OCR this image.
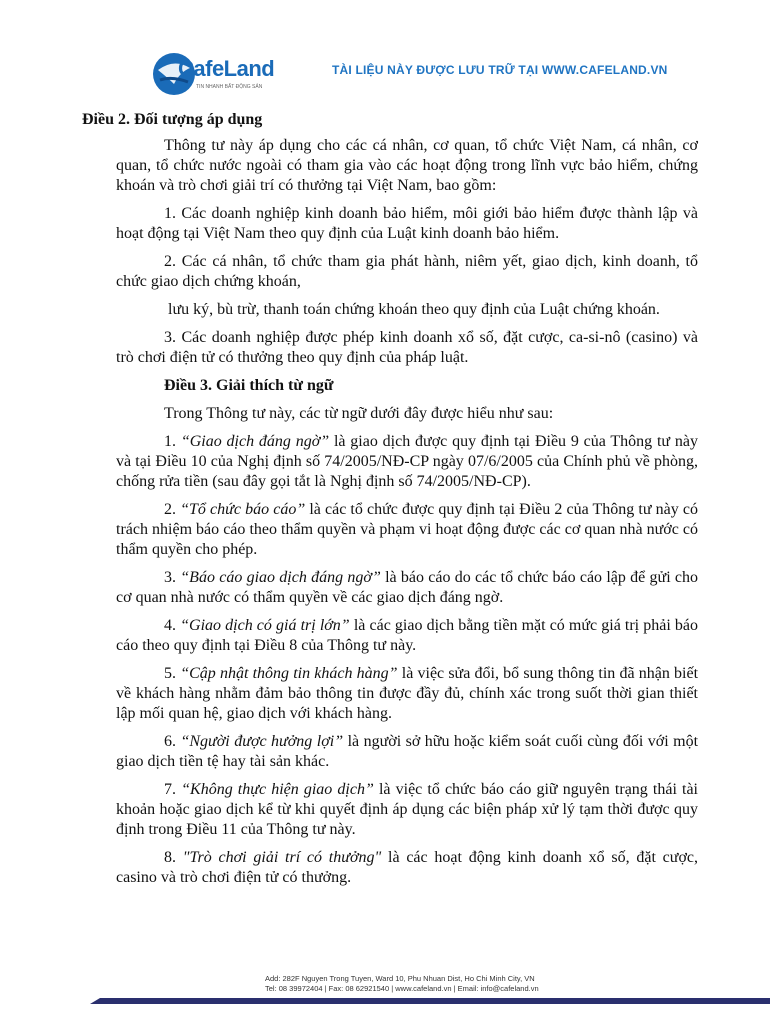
CafeLand
TIN NHANH BẤT ĐỘNG SẢN
TÀI LIỆU NÀY ĐƯỢC LƯU TRỮ TẠI WWW.CAFELAND.VN

Điều 2. Đối tượng áp dụng

Thông tư này áp dụng cho các cá nhân, cơ quan, tổ chức Việt Nam, cá nhân, cơ quan, tổ chức nước ngoài có tham gia vào các hoạt động trong lĩnh vực bảo hiểm, chứng khoán và trò chơi giải trí có thưởng tại Việt Nam, bao gồm:

1. Các doanh nghiệp kinh doanh bảo hiểm, môi giới bảo hiểm được thành lập và hoạt động tại Việt Nam theo quy định của Luật kinh doanh bảo hiểm.

2. Các cá nhân, tổ chức tham gia phát hành, niêm yết, giao dịch, kinh doanh, tổ chức giao dịch chứng khoán,

lưu ký, bù trừ, thanh toán chứng khoán theo quy định của Luật chứng khoán.

3. Các doanh nghiệp được phép kinh doanh xổ số, đặt cược, ca-si-nô (casino) và trò chơi điện tử có thưởng theo quy định của pháp luật.

Điều 3. Giải thích từ ngữ

Trong Thông tư này, các từ ngữ dưới đây được hiểu như sau:

1. “Giao dịch đáng ngờ” là giao dịch được quy định tại Điều 9 của Thông tư này và tại Điều 10 của Nghị định số 74/2005/NĐ-CP ngày 07/6/2005 của Chính phủ về phòng, chống rửa tiền (sau đây gọi tắt là Nghị định số 74/2005/NĐ-CP).

2. “Tổ chức báo cáo” là các tổ chức được quy định tại Điều 2 của Thông tư này có trách nhiệm báo cáo theo thẩm quyền và phạm vi hoạt động được các cơ quan nhà nước có thẩm quyền cho phép.

3. “Báo cáo giao dịch đáng ngờ” là báo cáo do các tổ chức báo cáo lập để gửi cho cơ quan nhà nước có thẩm quyền về các giao dịch đáng ngờ.

4. “Giao dịch có giá trị lớn” là các giao dịch bằng tiền mặt có mức giá trị phải báo cáo theo quy định tại Điều 8 của Thông tư này.

5. “Cập nhật thông tin khách hàng” là việc sửa đổi, bổ sung thông tin đã nhận biết về khách hàng nhằm đảm bảo thông tin được đầy đủ, chính xác trong suốt thời gian thiết lập mối quan hệ, giao dịch với khách hàng.

6. “Người được hưởng lợi” là người sở hữu hoặc kiểm soát cuối cùng đối với một giao dịch tiền tệ hay tài sản khác.

7. “Không thực hiện giao dịch” là việc tổ chức báo cáo giữ nguyên trạng thái tài khoản hoặc giao dịch kể từ khi quyết định áp dụng các biện pháp xử lý tạm thời được quy định trong Điều 11 của Thông tư này.

8. "Trò chơi giải trí có thưởng" là các hoạt động kinh doanh xổ số, đặt cược, casino và trò chơi điện tử có thưởng.

Add: 282F Nguyen Trong Tuyen, Ward 10, Phu Nhuan Dist, Ho Chi Minh City, VN
Tel: 08 39972404 | Fax: 08 62921540 | www.cafeland.vn | Email: info@cafeland.vn
